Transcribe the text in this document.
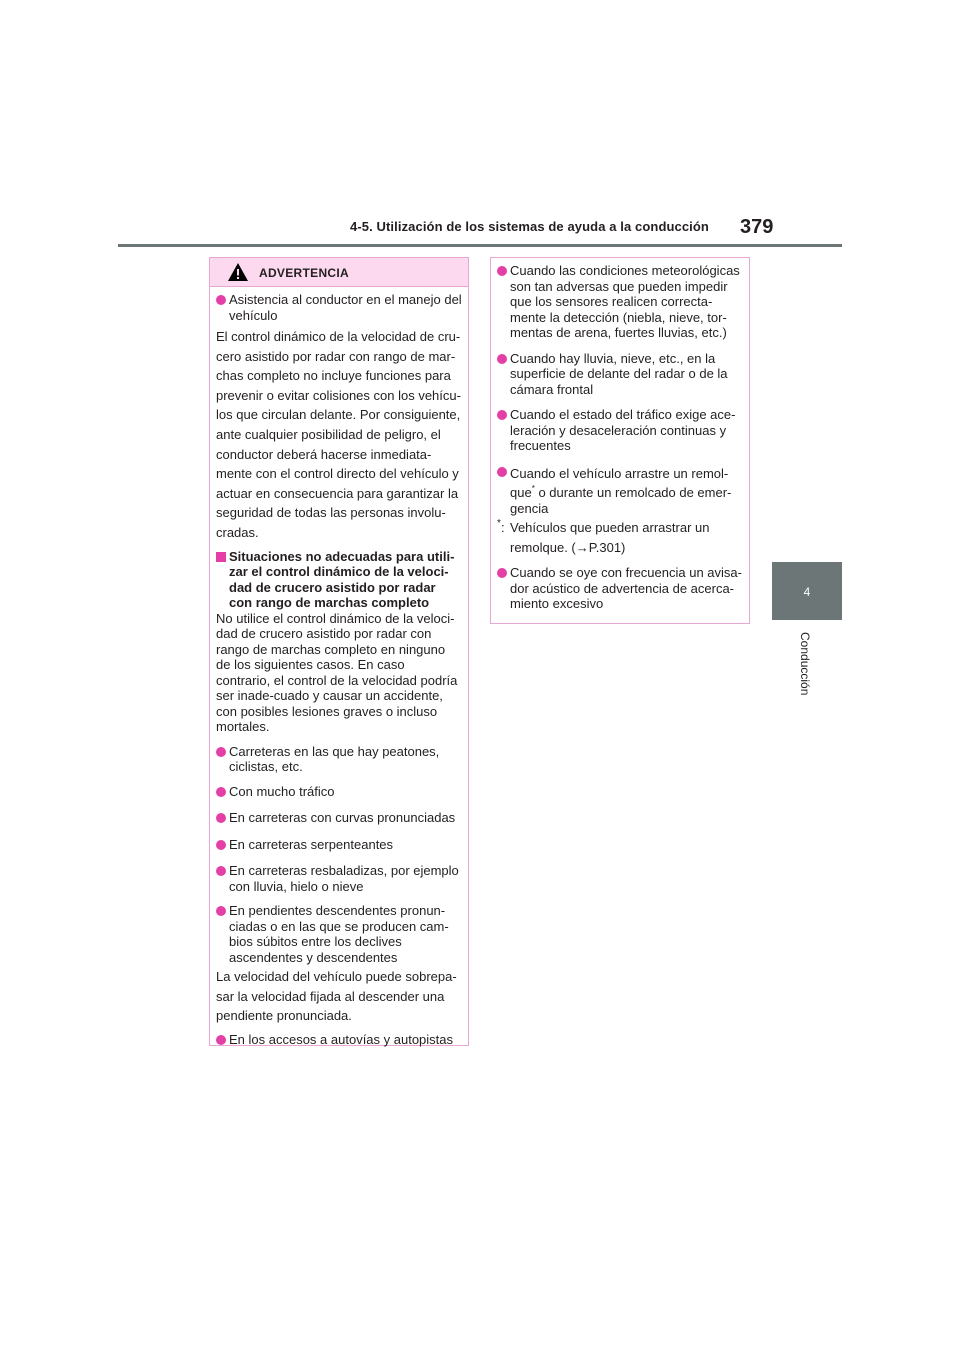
4-5. Utilización de los sistemas de ayuda a la conducción 379
4
Conducción
ADVERTENCIA
Asistencia al conductor en el manejo del vehículo
El control dinámico de la velocidad de cru-
cero asistido por radar con rango de mar-
chas completo no incluye funciones para
prevenir o evitar colisiones con los vehícu-
los que circulan delante. Por consiguiente,
ante cualquier posibilidad de peligro, el
conductor deberá hacerse inmediata-
mente con el control directo del vehículo y
actuar en consecuencia para garantizar la
seguridad de todas las personas involu-
cradas.
Situaciones no adecuadas para utili-zar el control dinámico de la veloci-dad de crucero asistido por radar con rango de marchas completo
No utilice el control dinámico de la veloci-dad de crucero asistido por radar con rango de marchas completo en ninguno de los siguientes casos. En caso contrario, el control de la velocidad podría ser inade-cuado y causar un accidente, con posibles lesiones graves o incluso mortales.
Carreteras en las que hay peatones, ciclistas, etc.
Con mucho tráfico
En carreteras con curvas pronunciadas
En carreteras serpenteantes
En carreteras resbaladizas, por ejemplo con lluvia, hielo o nieve
En pendientes descendentes pronun-ciadas o en las que se producen cam-bios súbitos entre los declives ascendentes y descendentes
La velocidad del vehículo puede sobrepa-
sar la velocidad fijada al descender una
pendiente pronunciada.
En los accesos a autovías y autopistas
Cuando las condiciones meteorológicas son tan adversas que pueden impedir que los sensores realicen correcta-mente la detección (niebla, nieve, tor-mentas de arena, fuertes lluvias, etc.)
Cuando hay lluvia, nieve, etc., en la superficie de delante del radar o de la cámara frontal
Cuando el estado del tráfico exige ace-leración y desaceleración continuas y frecuentes
Cuando el vehículo arrastre un remol-
que* o durante un remolcado de emer-gencia
* : Vehículos que pueden arrastrar un
remolque. (→P.301)
Cuando se oye con frecuencia un avisa-dor acústico de advertencia de acerca-miento excesivo
